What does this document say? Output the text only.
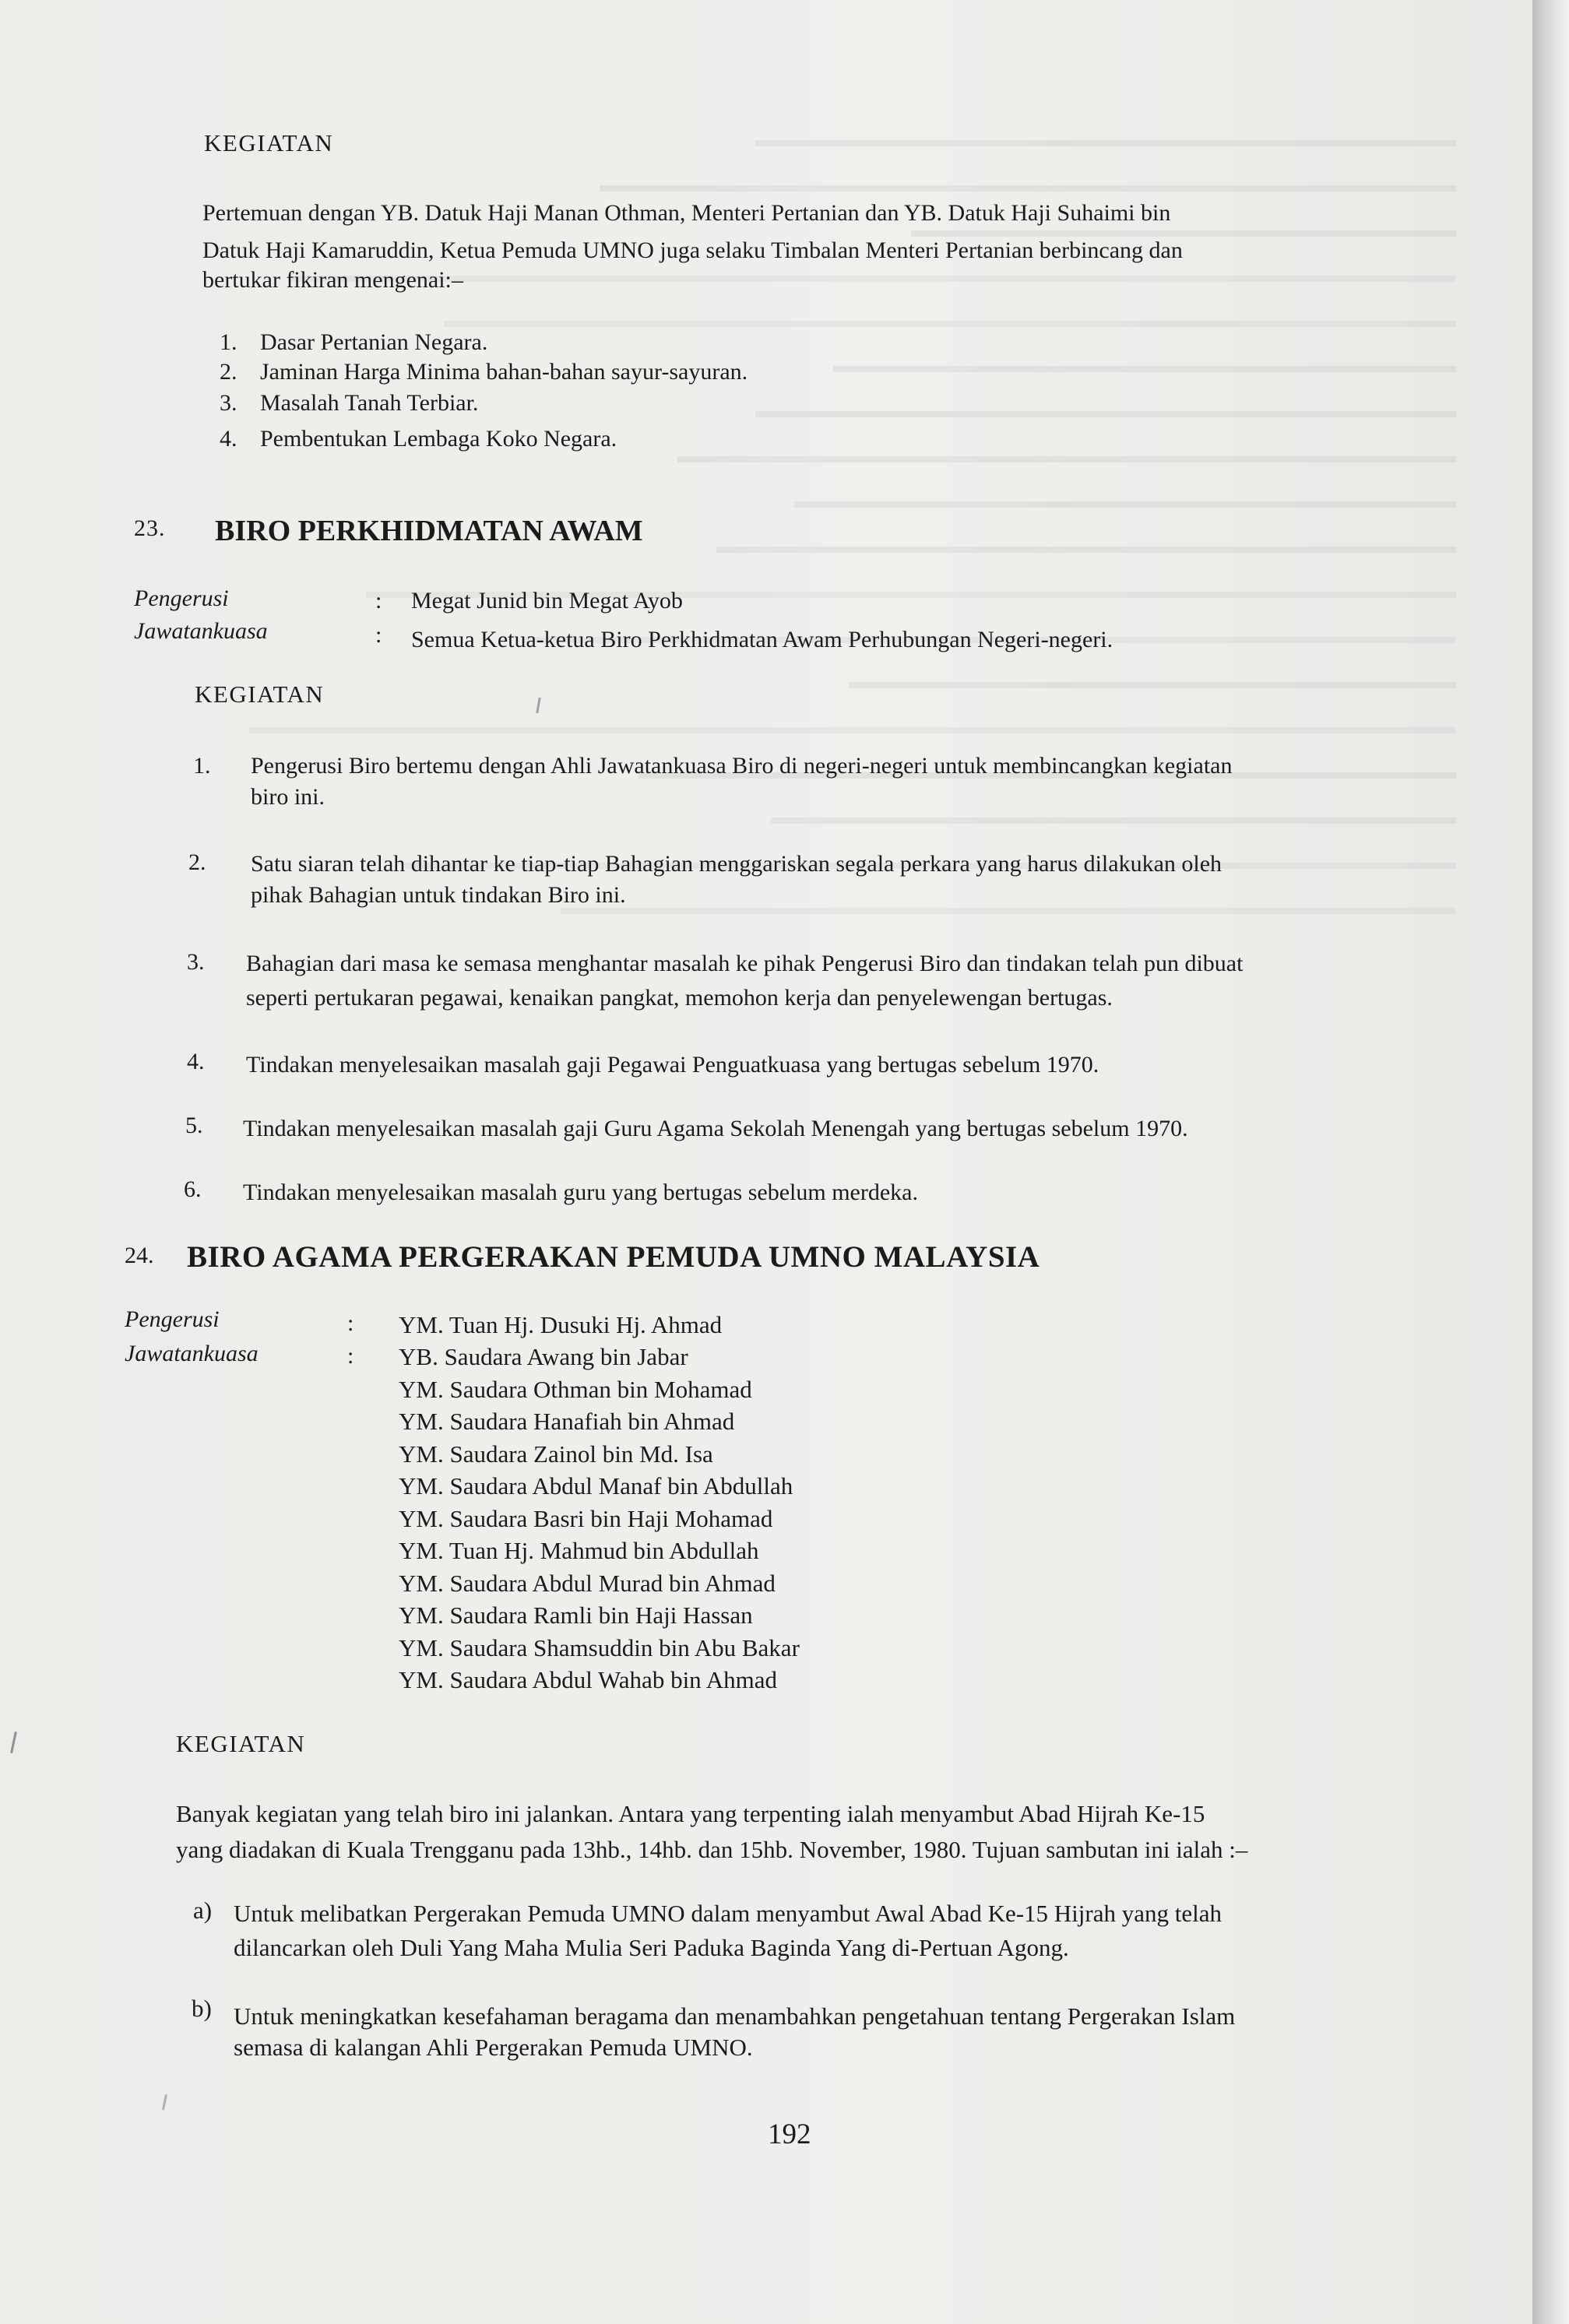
KEGIATAN
Pertemuan dengan YB. Datuk Haji Manan Othman, Menteri Pertanian dan YB. Datuk Haji Suhaimi bin
Datuk Haji Kamaruddin, Ketua Pemuda UMNO juga selaku Timbalan Menteri Pertanian berbincang dan
bertukar fikiran mengenai:–
1. Dasar Pertanian Negara.
2. Jaminan Harga Minima bahan-bahan sayur-sayuran.
3. Masalah Tanah Terbiar.
4. Pembentukan Lembaga Koko Negara.
23. BIRO PERKHIDMATAN AWAM
Pengerusi	: Megat Junid bin Megat Ayob
Jawatankuasa	: Semua Ketua-ketua Biro Perkhidmatan Awam Perhubungan Negeri-negeri.
KEGIATAN
1. Pengerusi Biro bertemu dengan Ahli Jawatankuasa Biro di negeri-negeri untuk membincangkan kegiatan
biro ini.
2. Satu siaran telah dihantar ke tiap-tiap Bahagian menggariskan segala perkara yang harus dilakukan oleh
pihak Bahagian untuk tindakan Biro ini.
3. Bahagian dari masa ke semasa menghantar masalah ke pihak Pengerusi Biro dan tindakan telah pun dibuat
seperti pertukaran pegawai, kenaikan pangkat, memohon kerja dan penyelewengan bertugas.
4. Tindakan menyelesaikan masalah gaji Pegawai Penguatkuasa yang bertugas sebelum 1970.
5. Tindakan menyelesaikan masalah gaji Guru Agama Sekolah Menengah yang bertugas sebelum 1970.
6. Tindakan menyelesaikan masalah guru yang bertugas sebelum merdeka.
24. BIRO AGAMA PERGERAKAN PEMUDA UMNO MALAYSIA
Pengerusi	: YM. Tuan Hj. Dusuki Hj. Ahmad
Jawatankuasa	: YB. Saudara Awang bin Jabar
YM. Saudara Othman bin Mohamad
YM. Saudara Hanafiah bin Ahmad
YM. Saudara Zainol bin Md. Isa
YM. Saudara Abdul Manaf bin Abdullah
YM. Saudara Basri bin Haji Mohamad
YM. Tuan Hj. Mahmud bin Abdullah
YM. Saudara Abdul Murad bin Ahmad
YM. Saudara Ramli bin Haji Hassan
YM. Saudara Shamsuddin bin Abu Bakar
YM. Saudara Abdul Wahab bin Ahmad
KEGIATAN
Banyak kegiatan yang telah biro ini jalankan. Antara yang terpenting ialah menyambut Abad Hijrah Ke-15
yang diadakan di Kuala Trengganu pada 13hb., 14hb. dan 15hb. November, 1980. Tujuan sambutan ini ialah :–
a) Untuk melibatkan Pergerakan Pemuda UMNO dalam menyambut Awal Abad Ke-15 Hijrah yang telah
dilancarkan oleh Duli Yang Maha Mulia Seri Paduka Baginda Yang di-Pertuan Agong.
b) Untuk meningkatkan kesefahaman beragama dan menambahkan pengetahuan tentang Pergerakan Islam
semasa di kalangan Ahli Pergerakan Pemuda UMNO.
192
